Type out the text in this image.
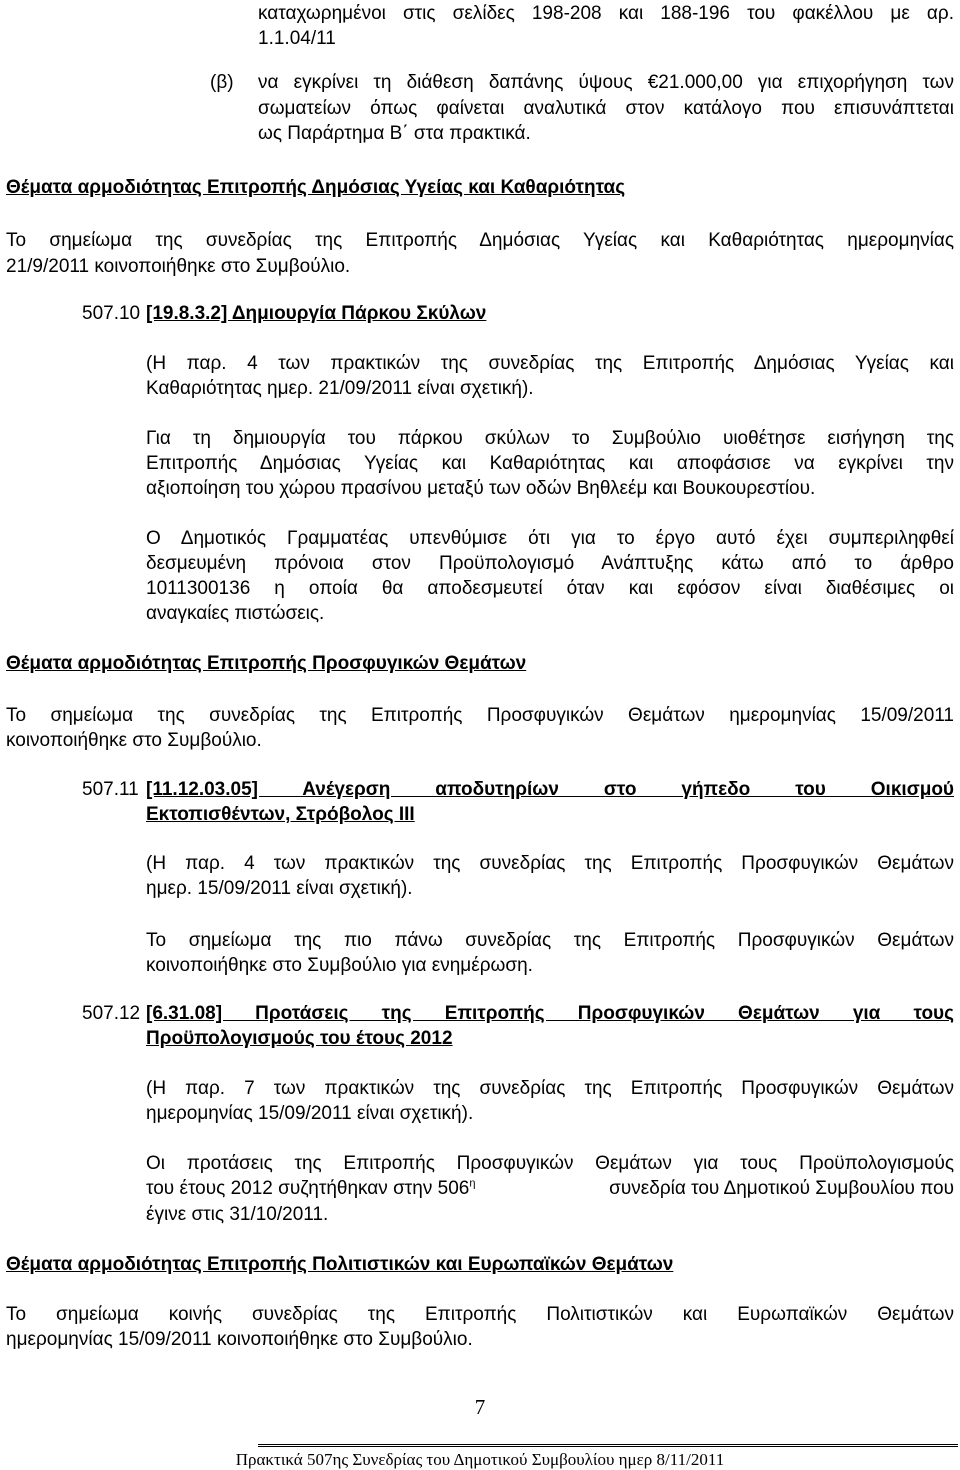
καταχωρημένοι στις σελίδες 198-208 και 188-196 του φακέλλου με αρ.
1.1.04/11
(β) να εγκρίνει τη διάθεση δαπάνης ύψους €21.000,00 για επιχορήγηση των
σωματείων όπως φαίνεται αναλυτικά στον κατάλογο που επισυνάπτεται
ως Παράρτημα Β΄ στα πρακτικά.
Θέματα αρμοδιότητας Επιτροπής Δημόσιας Υγείας και Καθαριότητας
Το σημείωμα της συνεδρίας της Επιτροπής Δημόσιας Υγείας και Καθαριότητας ημερομηνίας
21/9/2011 κοινοποιήθηκε στο Συμβούλιο.
507.10 [19.8.3.2] Δημιουργία Πάρκου Σκύλων
(Η παρ. 4 των πρακτικών της συνεδρίας της Επιτροπής Δημόσιας Υγείας και
Καθαριότητας ημερ. 21/09/2011 είναι σχετική).
Για τη δημιουργία του πάρκου σκύλων το Συμβούλιο υιοθέτησε εισήγηση της
Επιτροπής Δημόσιας Υγείας και Καθαριότητας και αποφάσισε να εγκρίνει την
αξιοποίηση του χώρου πρασίνου μεταξύ των οδών Βηθλεέμ και Βουκουρεστίου.
Ο Δημοτικός Γραμματέας υπενθύμισε ότι για το έργο αυτό έχει συμπεριληφθεί
δεσμευμένη πρόνοια στον Προϋπολογισμό Ανάπτυξης κάτω από το άρθρο
1011300136 η οποία θα αποδεσμευτεί όταν και εφόσον είναι διαθέσιμες οι
αναγκαίες πιστώσεις.
Θέματα αρμοδιότητας Επιτροπής Προσφυγικών Θεμάτων
Το σημείωμα της συνεδρίας της Επιτροπής Προσφυγικών Θεμάτων ημερομηνίας 15/09/2011
κοινοποιήθηκε στο Συμβούλιο.
507.11 [11.12.03.05] Ανέγερση αποδυτηρίων στο γήπεδο του Οικισμού
Εκτοπισθέντων, Στρόβολος ΙΙΙ
(Η παρ. 4 των πρακτικών της συνεδρίας της Επιτροπής Προσφυγικών Θεμάτων
ημερ. 15/09/2011 είναι σχετική).
Το σημείωμα της πιο πάνω συνεδρίας της Επιτροπής Προσφυγικών Θεμάτων
κοινοποιήθηκε στο Συμβούλιο για ενημέρωση.
507.12 [6.31.08] Προτάσεις της Επιτροπής Προσφυγικών Θεμάτων για τους
Προϋπολογισμούς του έτους 2012
(Η παρ. 7 των πρακτικών της συνεδρίας της Επιτροπής Προσφυγικών Θεμάτων
ημερομηνίας 15/09/2011 είναι σχετική).
Οι προτάσεις της Επιτροπής Προσφυγικών Θεμάτων για τους Προϋπολογισμούς
του έτους 2012 συζητήθηκαν στην $506^\eta$	συνεδρία του Δημοτικού Συμβουλίου που
έγινε στις 31/10/2011.
Θέματα αρμοδιότητας Επιτροπής Πολιτιστικών και Ευρωπαϊκών Θεμάτων
Το σημείωμα κοινής συνεδρίας της Επιτροπής Πολιτιστικών και Ευρωπαϊκών Θεμάτων
ημερομηνίας 15/09/2011 κοινοποιήθηκε στο Συμβούλιο.
7
Πρακτικά 507ης Συνεδρίας του Δημοτικού Συμβουλίου ημερ 8/11/2011
